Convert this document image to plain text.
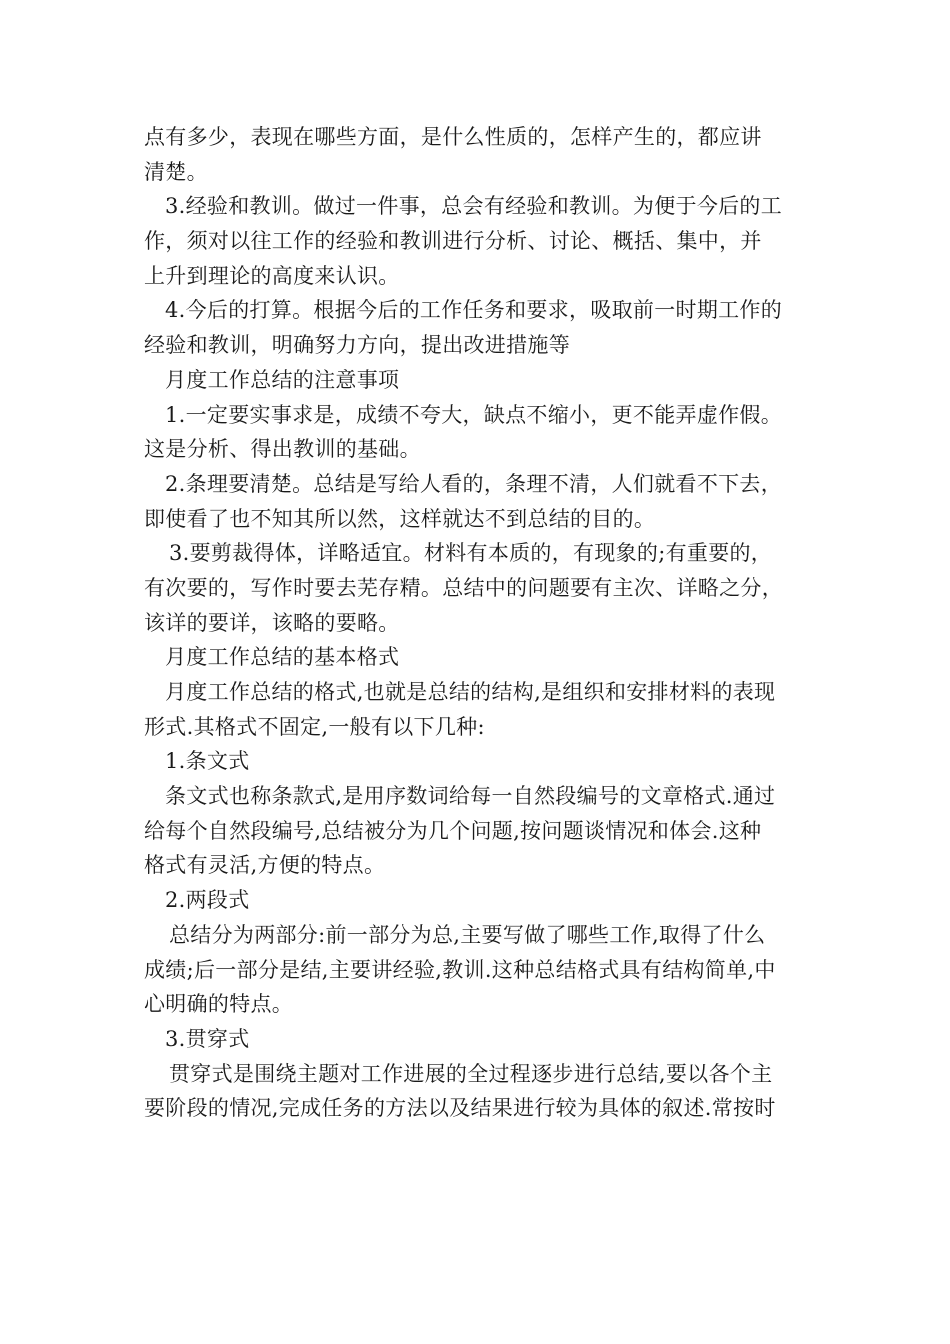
点有多少，表现在哪些方面，是什么性质的，怎样产生的，都应讲
清楚。
3.经验和教训。做过一件事，总会有经验和教训。为便于今后的工
作，须对以往工作的经验和教训进行分析、讨论、概括、集中，并
上升到理论的高度来认识。
4.今后的打算。根据今后的工作任务和要求，吸取前一时期工作的
经验和教训，明确努力方向，提出改进措施等
月度工作总结的注意事项
1.一定要实事求是，成绩不夸大，缺点不缩小，更不能弄虚作假。
这是分析、得出教训的基础。
2.条理要清楚。总结是写给人看的，条理不清，人们就看不下去，
即使看了也不知其所以然，这样就达不到总结的目的。
3.要剪裁得体，详略适宜。材料有本质的，有现象的;有重要的，
有次要的，写作时要去芜存精。总结中的问题要有主次、详略之分，
该详的要详，该略的要略。
月度工作总结的基本格式
月度工作总结的格式,也就是总结的结构,是组织和安排材料的表现
形式.其格式不固定,一般有以下几种:
1.条文式
条文式也称条款式,是用序数词给每一自然段编号的文章格式.通过
给每个自然段编号,总结被分为几个问题,按问题谈情况和体会.这种
格式有灵活,方便的特点。
2.两段式
总结分为两部分:前一部分为总,主要写做了哪些工作,取得了什么
成绩;后一部分是结,主要讲经验,教训.这种总结格式具有结构简单,中
心明确的特点。
3.贯穿式
贯穿式是围绕主题对工作进展的全过程逐步进行总结,要以各个主
要阶段的情况,完成任务的方法以及结果进行较为具体的叙述.常按时
